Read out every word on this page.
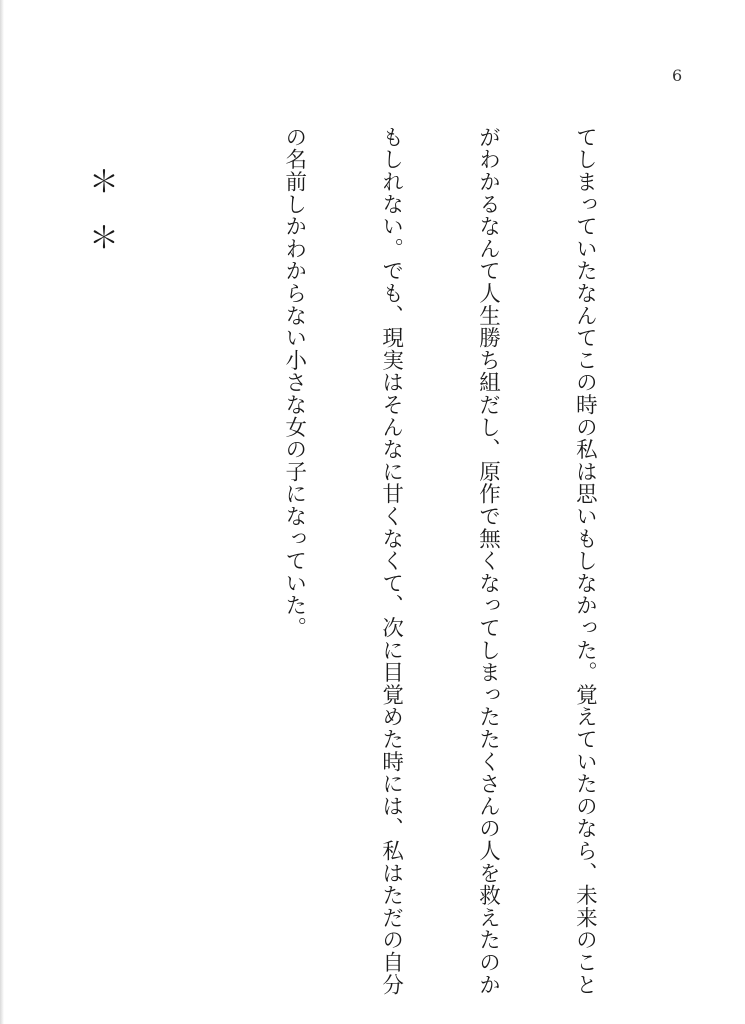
6

てしまっていたなんてこの時の私は思いもしなかった。覚えていたのなら、未来のこと

がわかるなんて人生勝ち組だし、原作で無くなってしまったたくさんの人を救えたのか

もしれない。でも、現実はそんなに甘くなくて、次に目覚めた時には、私はただの自分

の名前しかわからない小さな女の子になっていた。

＊＊
